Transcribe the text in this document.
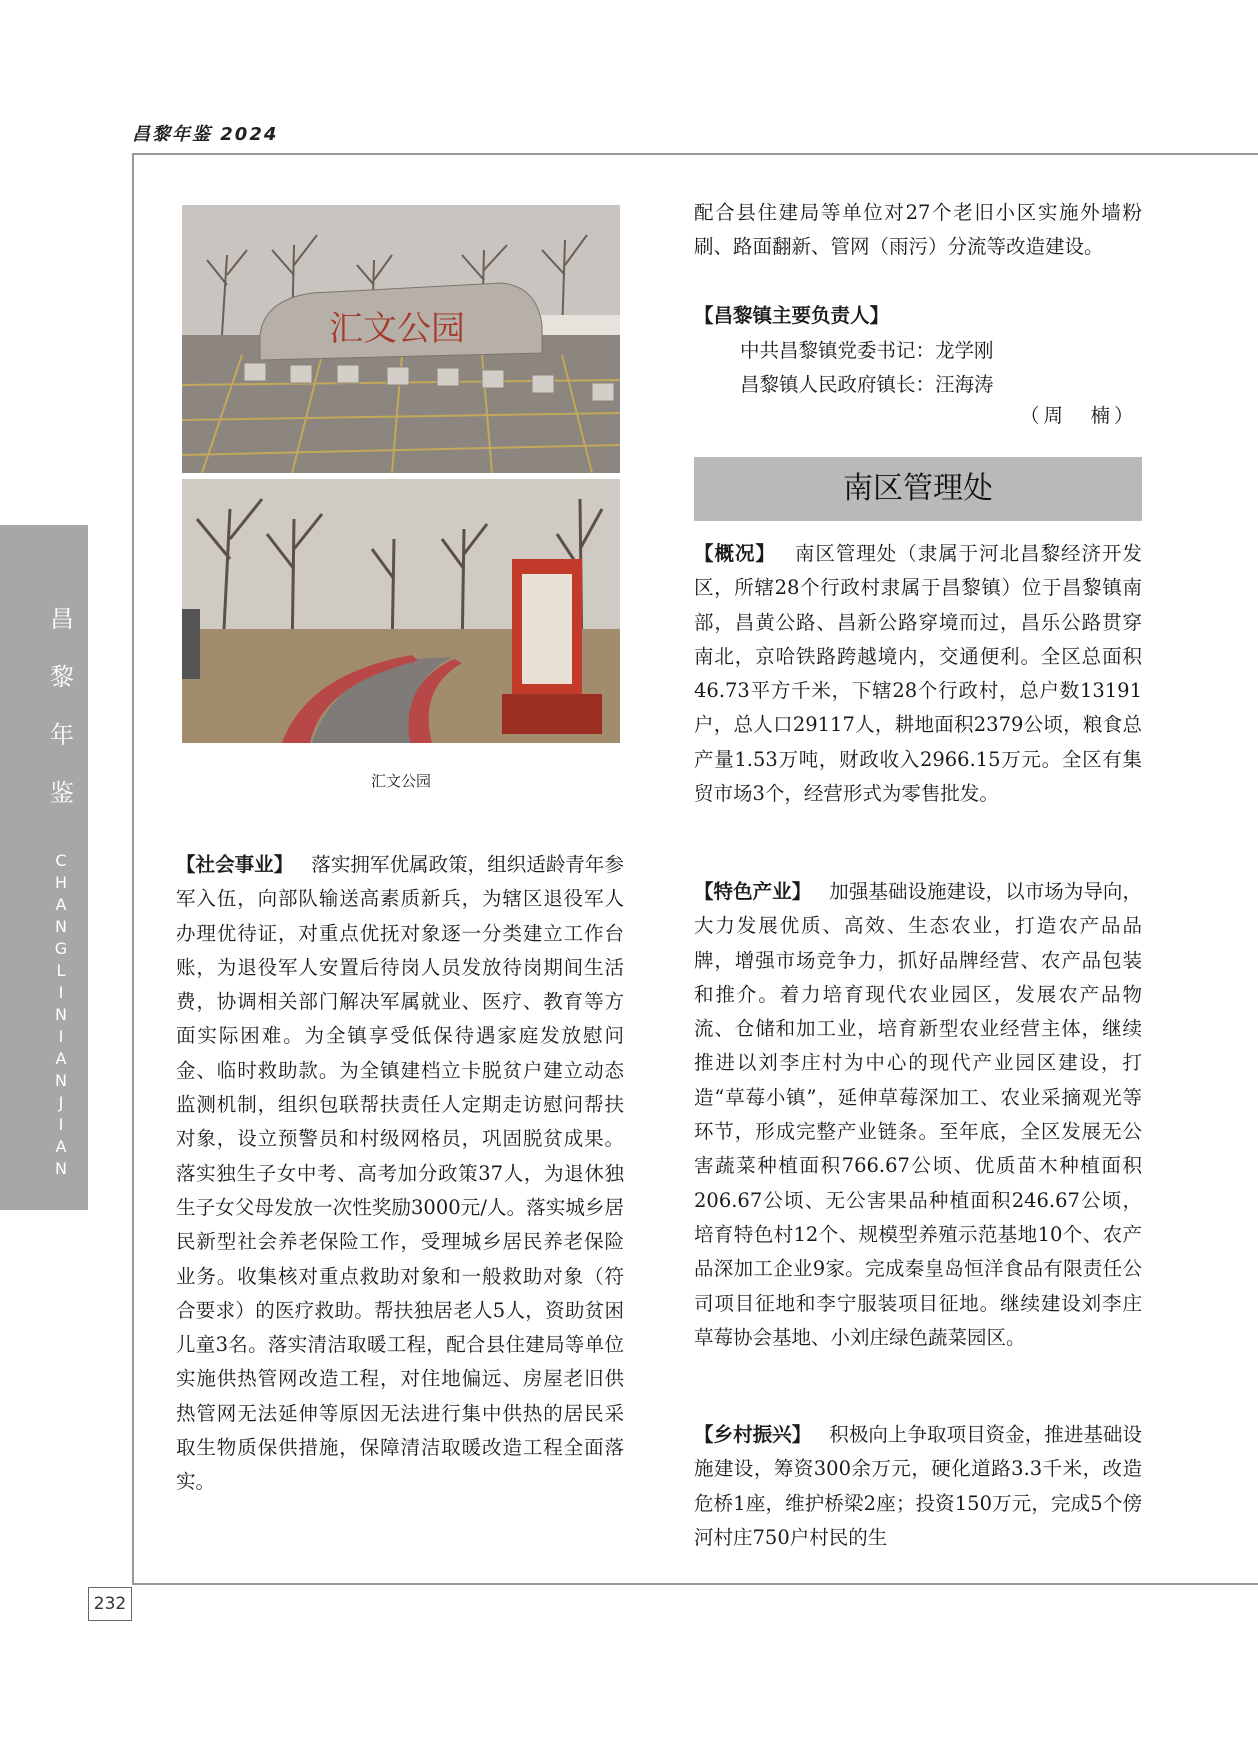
昌黎年鉴 2024
昌
黎
年
鉴
C
H
A
N
G
L
I
N
I
A
N
J
I
A
N
232
汇文公园
汇文公园

【社会事业】 落实拥军优属政策，组织适龄青年参军入伍，向部队输送高素质新兵，为辖区退役军人办理优待证，对重点优抚对象逐一分类建立工作台账，为退役军人安置后待岗人员发放待岗期间生活费，协调相关部门解决军属就业、医疗、教育等方面实际困难。为全镇享受低保待遇家庭发放慰问金、临时救助款。为全镇建档立卡脱贫户建立动态监测机制，组织包联帮扶责任人定期走访慰问帮扶对象，设立预警员和村级网格员，巩固脱贫成果。落实独生子女中考、高考加分政策37人，为退休独生子女父母发放一次性奖励3000元/人。落实城乡居民新型社会养老保险工作，受理城乡居民养老保险业务。收集核对重点救助对象和一般救助对象（符合要求）的医疗救助。帮扶独居老人5人，资助贫困儿童3名。落实清洁取暖工程，配合县住建局等单位实施供热管网改造工程，对住地偏远、房屋老旧供热管网无法延伸等原因无法进行集中供热的居民采取生物质保供措施，保障清洁取暖改造工程全面落实。

配合县住建局等单位对27个老旧小区实施外墙粉刷、路面翻新、管网（雨污）分流等改造建设。

【昌黎镇主要负责人】
中共昌黎镇党委书记：龙学刚
昌黎镇人民政府镇长：汪海涛
（周　楠）
南区管理处

【概况】 南区管理处（隶属于河北昌黎经济开发区，所辖28个行政村隶属于昌黎镇）位于昌黎镇南部，昌黄公路、昌新公路穿境而过，昌乐公路贯穿南北，京哈铁路跨越境内，交通便利。全区总面积46.73平方千米，下辖28个行政村，总户数13191户，总人口29117人，耕地面积2379公顷，粮食总产量1.53万吨，财政收入2966.15万元。全区有集贸市场3个，经营形式为零售批发。

【特色产业】 加强基础设施建设，以市场为导向，大力发展优质、高效、生态农业，打造农产品品牌，增强市场竞争力，抓好品牌经营、农产品包装和推介。着力培育现代农业园区，发展农产品物流、仓储和加工业，培育新型农业经营主体，继续推进以刘李庄村为中心的现代产业园区建设，打造“草莓小镇”，延伸草莓深加工、农业采摘观光等环节，形成完整产业链条。至年底，全区发展无公害蔬菜种植面积766.67公顷、优质苗木种植面积206.67公顷、无公害果品种植面积246.67公顷，培育特色村12个、规模型养殖示范基地10个、农产品深加工企业9家。完成秦皇岛恒洋食品有限责任公司项目征地和李宁服装项目征地。继续建设刘李庄草莓协会基地、小刘庄绿色蔬菜园区。

【乡村振兴】 积极向上争取项目资金，推进基础设施建设，筹资300余万元，硬化道路3.3千米，改造危桥1座，维护桥梁2座；投资150万元，完成5个傍河村庄750户村民的生
